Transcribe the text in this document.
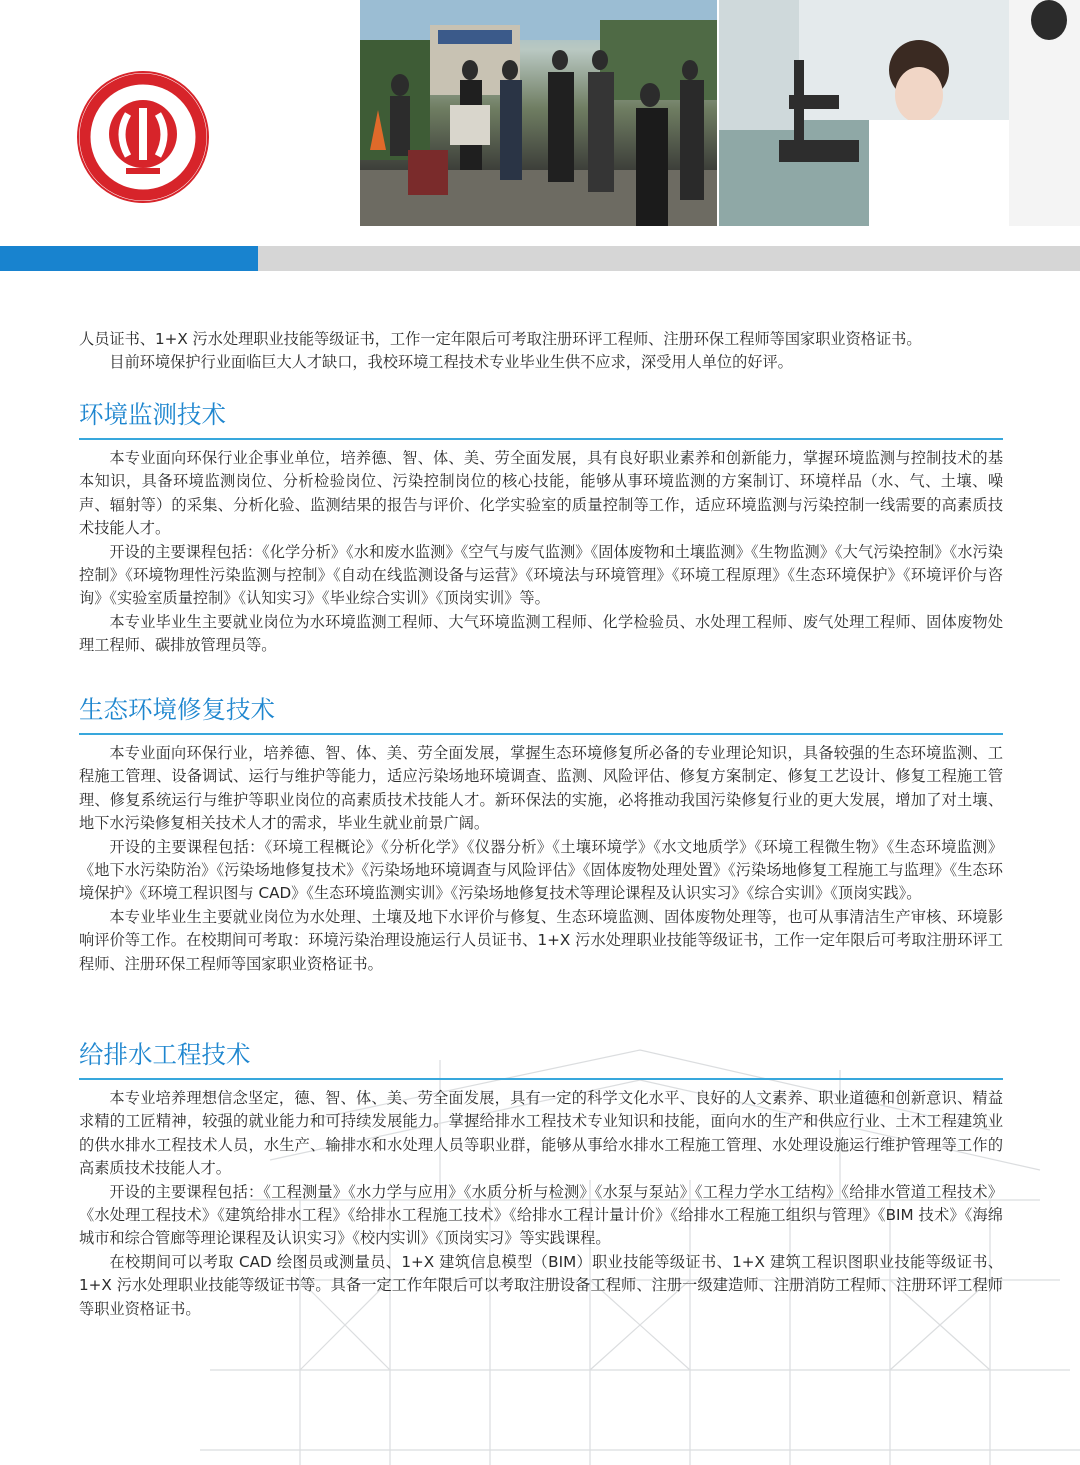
人员证书、1+X 污水处理职业技能等级证书，工作一定年限后可考取注册环评工程师、注册环保工程师等国家职业资格证书。

目前环境保护行业面临巨大人才缺口，我校环境工程技术专业毕业生供不应求，深受用人单位的好评。

环境监测技术

本专业面向环保行业企事业单位，培养德、智、体、美、劳全面发展，具有良好职业素养和创新能力，掌握环境监测与控制技术的基本知识，具备环境监测岗位、分析检验岗位、污染控制岗位的核心技能，能够从事环境监测的方案制订、环境样品（水、气、土壤、噪声、辐射等）的采集、分析化验、监测结果的报告与评价、化学实验室的质量控制等工作，适应环境监测与污染控制一线需要的高素质技术技能人才。

开设的主要课程包括：《化学分析》《水和废水监测》《空气与废气监测》《固体废物和土壤监测》《生物监测》《大气污染控制》《水污染控制》《环境物理性污染监测与控制》《自动在线监测设备与运营》《环境法与环境管理》《环境工程原理》《生态环境保护》《环境评价与咨询》《实验室质量控制》《认知实习》《毕业综合实训》《顶岗实训》等。

本专业毕业生主要就业岗位为水环境监测工程师、大气环境监测工程师、化学检验员、水处理工程师、废气处理工程师、固体废物处理工程师、碳排放管理员等。

生态环境修复技术

本专业面向环保行业，培养德、智、体、美、劳全面发展，掌握生态环境修复所必备的专业理论知识，具备较强的生态环境监测、工程施工管理、设备调试、运行与维护等能力，适应污染场地环境调查、监测、风险评估、修复方案制定、修复工艺设计、修复工程施工管理、修复系统运行与维护等职业岗位的高素质技术技能人才。新环保法的实施，必将推动我国污染修复行业的更大发展，增加了对土壤、地下水污染修复相关技术人才的需求，毕业生就业前景广阔。

开设的主要课程包括：《环境工程概论》《分析化学》《仪器分析》《土壤环境学》《水文地质学》《环境工程微生物》《生态环境监测》《地下水污染防治》《污染场地修复技术》《污染场地环境调查与风险评估》《固体废物处理处置》《污染场地修复工程施工与监理》《生态环境保护》《环境工程识图与 CAD》《生态环境监测实训》《污染场地修复技术等理论课程及认识实习》《综合实训》《顶岗实践》。

本专业毕业生主要就业岗位为水处理、土壤及地下水评价与修复、生态环境监测、固体废物处理等，也可从事清洁生产审核、环境影响评价等工作。在校期间可考取：环境污染治理设施运行人员证书、1+X 污水处理职业技能等级证书，工作一定年限后可考取注册环评工程师、注册环保工程师等国家职业资格证书。

给排水工程技术

本专业培养理想信念坚定，德、智、体、美、劳全面发展，具有一定的科学文化水平、良好的人文素养、职业道德和创新意识、精益求精的工匠精神，较强的就业能力和可持续发展能力。掌握给排水工程技术专业知识和技能，面向水的生产和供应行业、土木工程建筑业的供水排水工程技术人员，水生产、输排水和水处理人员等职业群，能够从事给水排水工程施工管理、水处理设施运行维护管理等工作的高素质技术技能人才。

开设的主要课程包括：《工程测量》《水力学与应用》《水质分析与检测》《水泵与泵站》《工程力学水工结构》《给排水管道工程技术》《水处理工程技术》《建筑给排水工程》《给排水工程施工技术》《给排水工程计量计价》《给排水工程施工组织与管理》《BIM 技术》《海绵城市和综合管廊等理论课程及认识实习》《校内实训》《顶岗实习》等实践课程。

在校期间可以考取 CAD 绘图员或测量员、1+X 建筑信息模型（BIM）职业技能等级证书、1+X 建筑工程识图职业技能等级证书、1+X 污水处理职业技能等级证书等。具备一定工作年限后可以考取注册设备工程师、注册一级建造师、注册消防工程师、注册环评工程师等职业资格证书。
